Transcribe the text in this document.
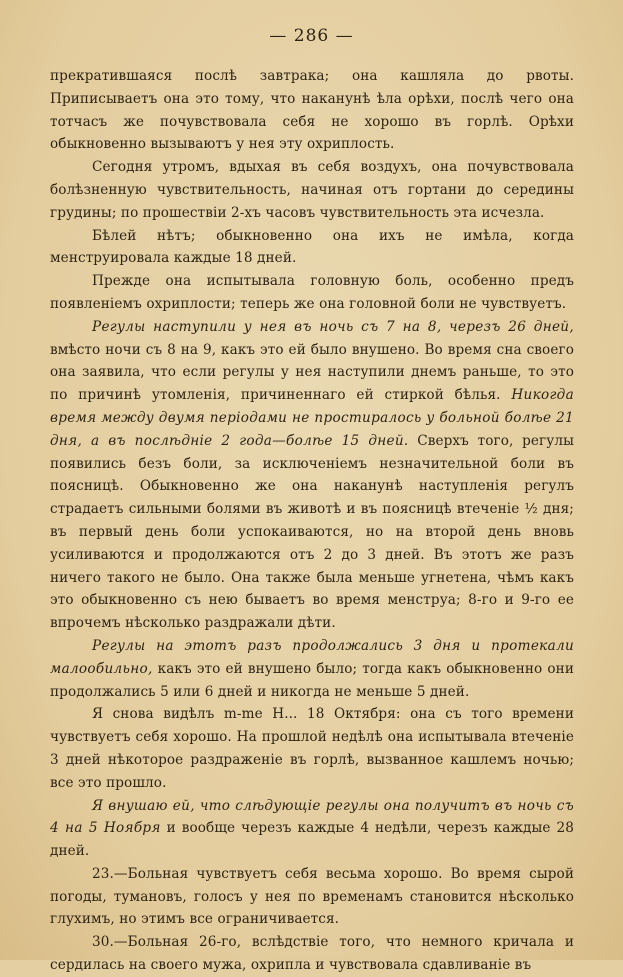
— 286 —

прекратившаяся послѣ завтрака; она кашляла до рвоты. Приписываетъ она это тому, что наканунѣ ѣла орѣхи, послѣ чего она тотчасъ же почувствовала себя не хорошо въ горлѣ. Орѣхи обыкновенно вызываютъ у нея эту охриплость.

Сегодня утромъ, вдыхая въ себя воздухъ, она почувствовала болѣзненную чувствительность, начиная отъ гортани до середины грудины; по прошествіи 2-хъ часовъ чувствительность эта исчезла.

Бѣлей нѣтъ; обыкновенно она ихъ не имѣла, когда менструировала каждые 18 дней.

Прежде она испытывала головную боль, особенно предъ появленіемъ охриплости; теперь же она головной боли не чувствуетъ.

Регулы наступили у нея въ ночь съ 7 на 8, черезъ 26 дней, вмѣсто ночи съ 8 на 9, какъ это ей было внушено. Во время сна своего она заявила, что если регулы у нея наступили днемъ раньше, то это по причинѣ утомленія, причиненнаго ей стиркой бѣлья. Никогда время между двумя періодами не простиралось у больной болѣе 21 дня, а въ послѣдніе 2 года—болѣе 15 дней. Сверхъ того, регулы появились безъ боли, за исключеніемъ незначительной боли въ поясницѣ. Обыкновенно же она наканунѣ наступленія регулъ страдаетъ сильными болями въ животѣ и въ поясницѣ втеченіе ½ дня; въ первый день боли успокаиваются, но на второй день вновь усиливаются и продолжаются отъ 2 до 3 дней. Въ этотъ же разъ ничего такого не было. Она также была меньше угнетена, чѣмъ какъ это обыкновенно съ нею бываетъ во время менструа; 8-го и 9-го ее впрочемъ нѣсколько раздражали дѣти.

Регулы на этотъ разъ продолжались 3 дня и протекали малообильно, какъ это ей внушено было; тогда какъ обыкновенно они продолжались 5 или 6 дней и никогда не меньше 5 дней.

Я снова видѣлъ m-me H... 18 Октября: она съ того времени чувствуетъ себя хорошо. На прошлой недѣлѣ она испытывала втеченіе 3 дней нѣкоторое раздраженіе въ горлѣ, вызванное кашлемъ ночью; все это прошло.

Я внушаю ей, что слѣдующіе регулы она получитъ въ ночь съ 4 на 5 Ноября и вообще черезъ каждые 4 недѣли, черезъ каждые 28 дней.

23.—Больная чувствуетъ себя весьма хорошо. Во время сырой погоды, тумановъ, голосъ у нея по временамъ становится нѣсколько глухимъ, но этимъ все ограничивается.

30.—Больная 26-го, вслѣдствіе того, что немного кричала и сердилась на своего мужа, охрипла и чувствовала сдавливаніе въ
